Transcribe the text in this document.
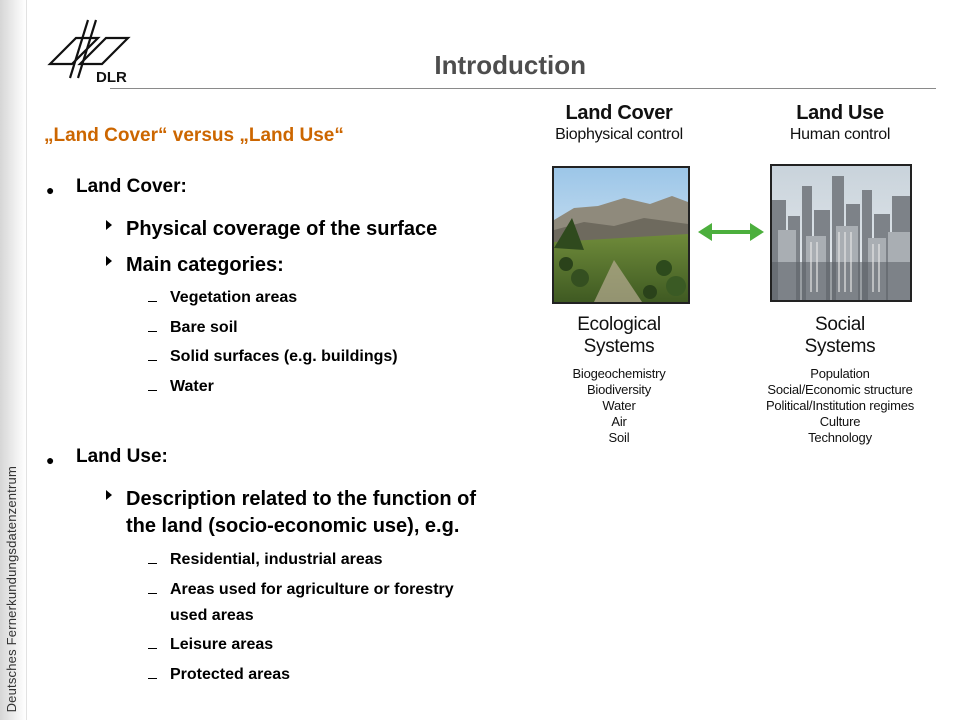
Deutsches Fernerkundungsdatenzentrum
DLR	Introduction
„Land Cover“ versus „Land Use“
● Land Cover:
Physical coverage of the surface
Main categories:
Vegetation areas
Bare soil
Solid surfaces (e.g. buildings)
Water
● Land Use:
Description related to the function of
the land (socio-economic use), e.g.
Residential, industrial areas
Areas used for agriculture or forestry
used areas
Leisure areas
Protected areas
Land Cover
Biophysical control
Ecological
Systems
Biogeochemistry
Biodiversity
Water
Air
Soil
Land Use
Human control
Social
Systems
Population
Social/Economic structure
Political/Institution regimes
Culture
Technology
